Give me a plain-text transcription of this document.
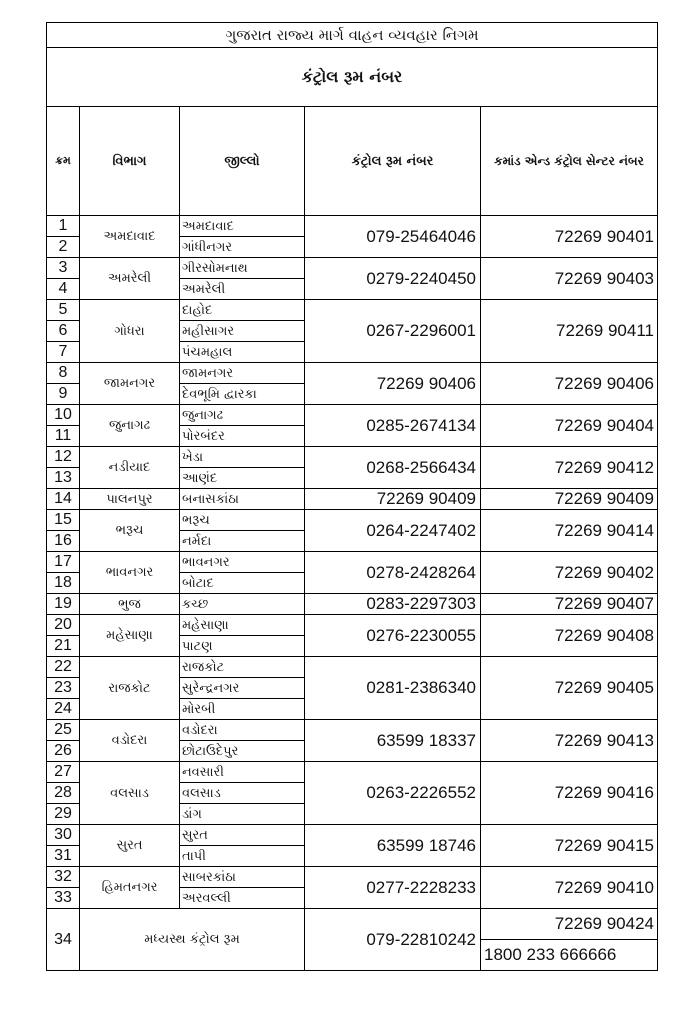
ગુજરાત રાજ્ય માર્ગ વાહન વ્યવહાર નિગમ				
કંટ્રોલ રૂમ નંબર				
ક્રમ	વિભાગ	જીલ્લો	કંટ્રોલ રૂમ નંબર	કમાંડ એન્ડ કંટ્રોલ સેન્ટર નંબર
1	અમદાવાદ	અમદાવાદ	079-25464046	72269 90401
2		ગાંધીનગર		
3	અમરેલી	ગીરસોમનાથ	0279-2240450	72269 90403
4		અમરેલી		
5	ગોધરા	દાહોદ	0267-2296001	72269 90411
6		મહીસાગર		
7		પંચમહાલ		
8	જામનગર	જામનગર	72269 90406	72269 90406
9		દેવભૂમિ દ્વારકા		
10	જુનાગઢ	જુનાગઢ	0285-2674134	72269 90404
11		પોરબંદર		
12	નડીયાદ	ખેડા	0268-2566434	72269 90412
13		આણંદ		
14	પાલનપુર	બનાસકાંઠા	72269 90409	72269 90409
15	ભરૂચ	ભરૂચ	0264-2247402	72269 90414
16		નર્મદા		
17	ભાવનગર	ભાવનગર	0278-2428264	72269 90402
18		બોટાદ		
19	ભુજ	કચ્છ	0283-2297303	72269 90407
20	મહેસાણા	મહેસાણા	0276-2230055	72269 90408
21		પાટણ		
22	રાજકોટ	રાજકોટ	0281-2386340	72269 90405
23		સુરેન્દ્રનગર		
24		મોરબી		
25	વડોદરા	વડોદરા	63599 18337	72269 90413
26		છોટાઉદેપુર		
27	વલસાડ	નવસારી	0263-2226552	72269 90416
28		વલસાડ		
29		ડાંગ		
30	સુરત	સુરત	63599 18746	72269 90415
31		તાપી		
32	હિમતનગર	સાબરકાંઠા	0277-2228233	72269 90410
33		અરવલ્લી		
34	મધ્યસ્થ કંટ્રોલ રૂમ		079-22810242	72269 90424
				1800 233 666666
